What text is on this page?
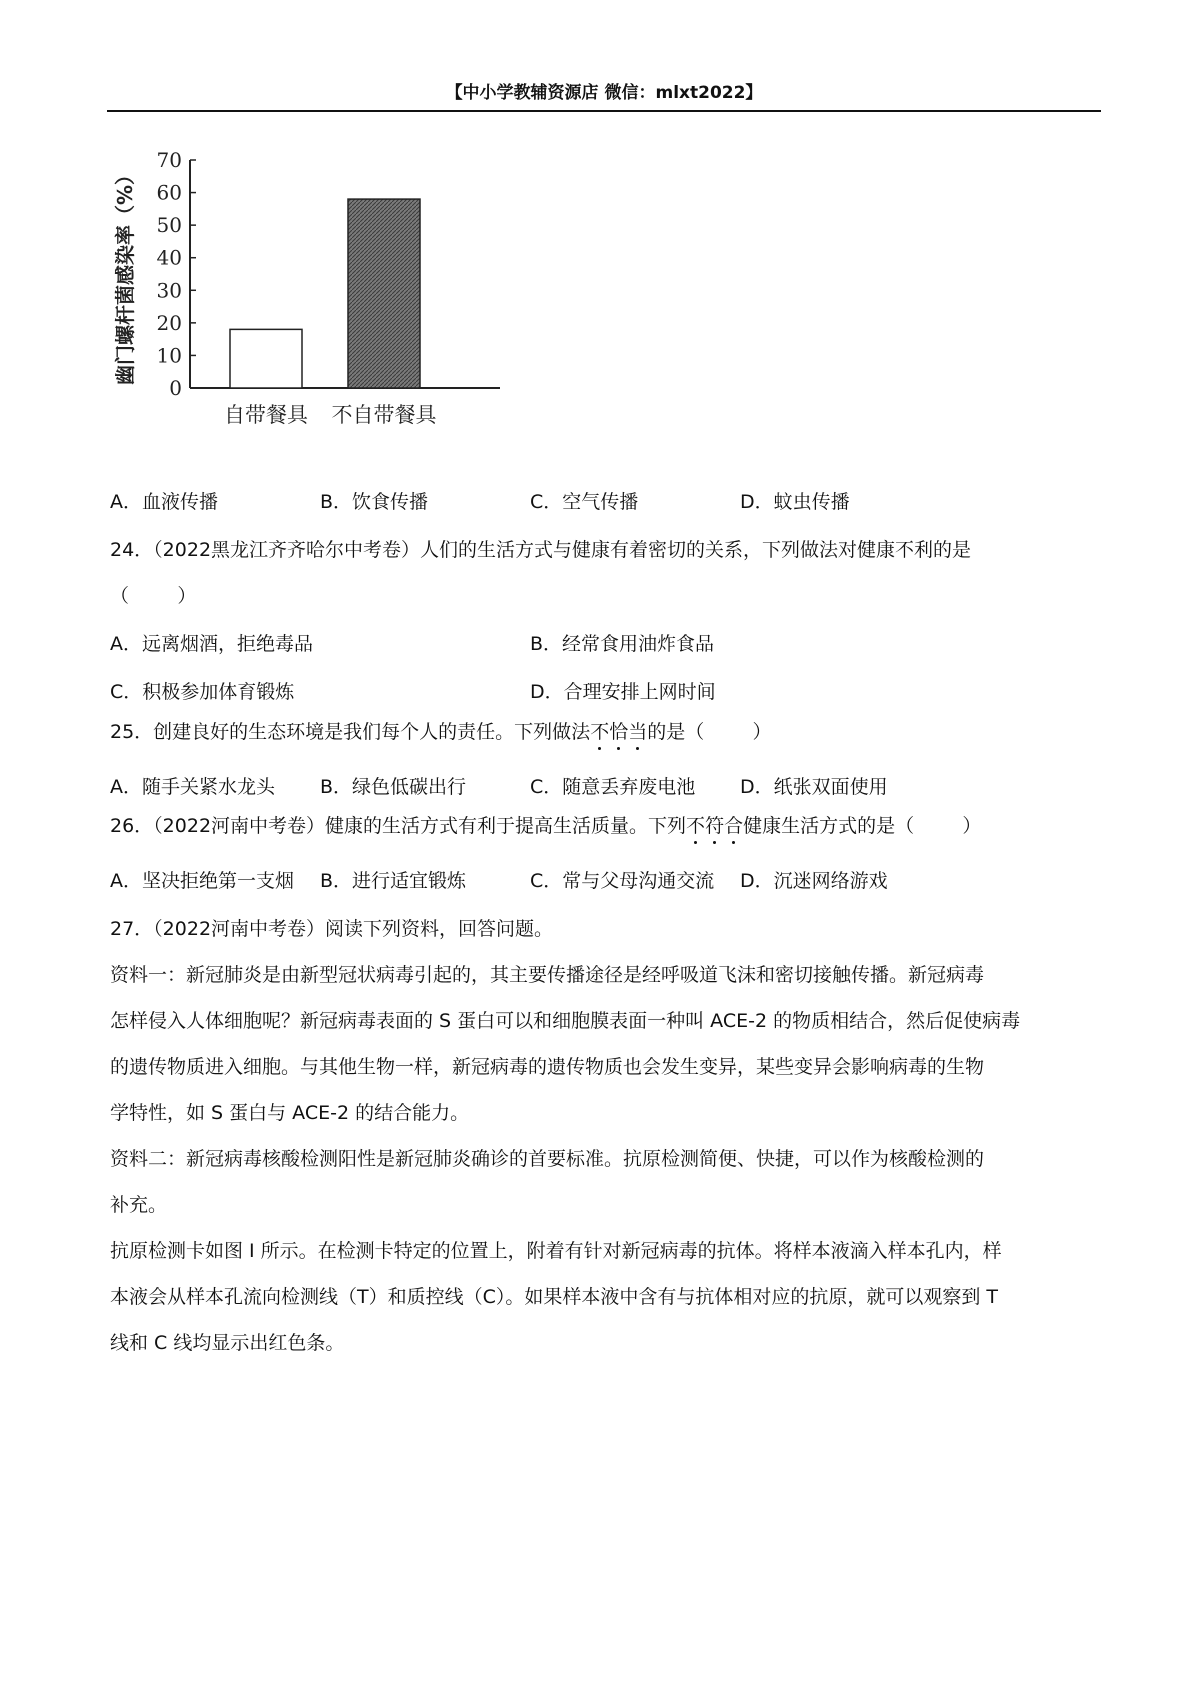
【中小学教辅资源店 微信：mlxt2022】
幽门螺杆菌感染率（%）
0
10
20
30
40
50
60
70
自带餐具 不自带餐具
A．血液传播	B．饮食传播	C．空气传播	D．蚊虫传播
24．（2022黑龙江齐齐哈尔中考卷）人们的生活方式与健康有着密切的关系，下列做法对健康不利的是
（        ）
A．远离烟酒，拒绝毒品	B．经常食用油炸食品
C．积极参加体育锻炼	D．合理安排上网时间
25．创建良好的生态环境是我们每个人的责任。下列做法不恰当的是（        ）
A．随手关紧水龙头 B．绿色低碳出行	C．随意丢弃废电池 D．纸张双面使用
26．（2022河南中考卷）健康的生活方式有利于提高生活质量。下列不符合健康生活方式的是（        ）
A．坚决拒绝第一支烟 B．进行适宜锻炼	C．常与父母沟通交流 D．沉迷网络游戏
27．（2022河南中考卷）阅读下列资料，回答问题。
资料一：新冠肺炎是由新型冠状病毒引起的，其主要传播途径是经呼吸道飞沫和密切接触传播。新冠病毒
怎样侵入人体细胞呢？新冠病毒表面的 S 蛋白可以和细胞膜表面一种叫 ACE-2 的物质相结合，然后促使病毒
的遗传物质进入细胞。与其他生物一样，新冠病毒的遗传物质也会发生变异，某些变异会影响病毒的生物
学特性，如 S 蛋白与 ACE-2 的结合能力。
资料二：新冠病毒核酸检测阳性是新冠肺炎确诊的首要标准。抗原检测简便、快捷，可以作为核酸检测的
补充。
抗原检测卡如图 I 所示。在检测卡特定的位置上，附着有针对新冠病毒的抗体。将样本液滴入样本孔内，样
本液会从样本孔流向检测线（T）和质控线（C）。如果样本液中含有与抗体相对应的抗原，就可以观察到 T
线和 C 线均显示出红色条。
